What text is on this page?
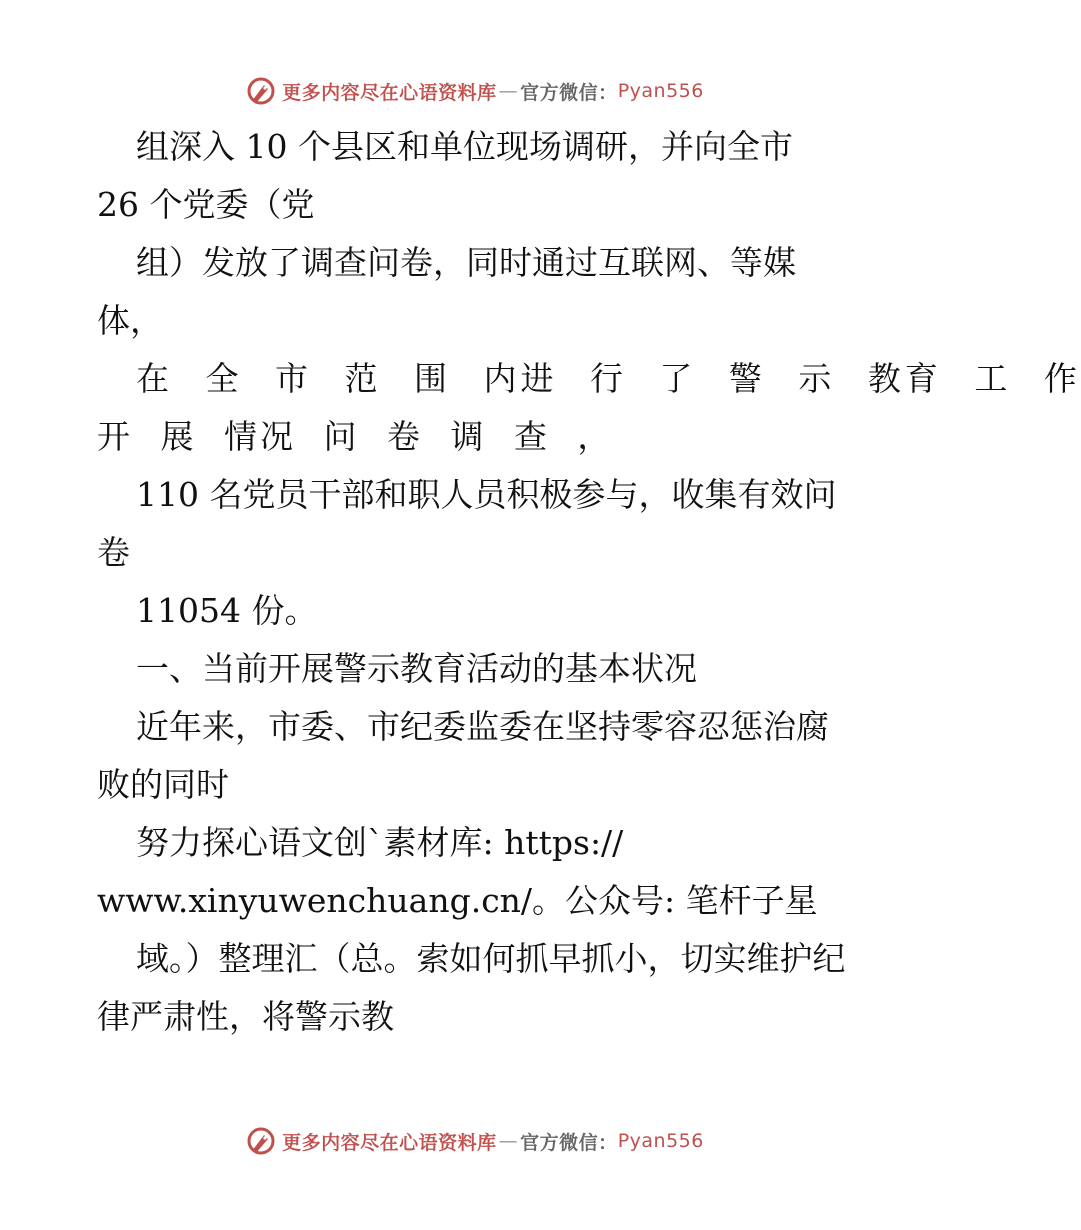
更多内容尽在心语资料库 — 官方微信： Pyan556
组深入 10 个县区和单位现场调研，并向全市
26 个党委（党
组）发放了调查问卷，同时通过互联网、等媒
体，
在 全 市 范 围 内进 行 了 警 示 教育 工 作
开 展 情况 问 卷 调 查 ，
110 名党员干部和职人员积极参与，收集有效问
卷
11054 份。
一、当前开展警示教育活动的基本状况
近年来，市委、市纪委监委在坚持零容忍惩治腐
败的同时
努力探心语文创`素材库: https://
www.xinyuwenchuang.cn/。公众号: 笔杆子星
域。）整理汇（总。索如何抓早抓小，切实维护纪
律严肃性，将警示教
更多内容尽在心语资料库 — 官方微信： Pyan556
